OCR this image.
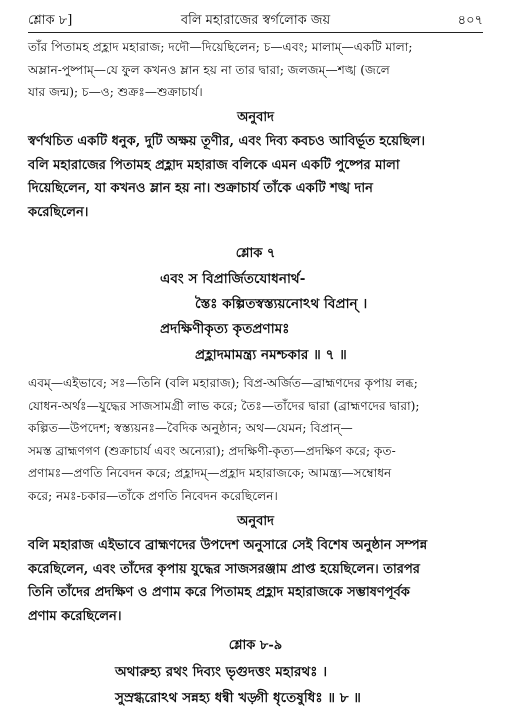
শ্লোক ৮]	বলি মহারাজের স্বর্গলোক জয়	৪০৭

তাঁর পিতামহ প্রহ্লাদ মহারাজ; দদৌ—দিয়েছিলেন; চ—এবং; মালাম্—একটি মালা;

অম্লান-পুষ্পাম্—যে ফুল কখনও ম্লান হয় না তার দ্বারা; জলজম্—শঙ্খ (জলে

যার জন্ম); চ—ও; শুক্রঃ—শুক্রাচার্য।

অনুবাদ

স্বর্ণখচিত একটি ধনুক, দুটি অক্ষয় তূণীর, এবং দিব্য কবচও আবির্ভূত হয়েছিল।

বলি মহারাজের পিতামহ প্রহ্লাদ মহারাজ বলিকে এমন একটি পুষ্পের মালা

দিয়েছিলেন, যা কখনও ম্লান হয় না। শুক্রাচার্য তাঁকে একটি শঙ্খ দান

করেছিলেন।

শ্লোক ৭
এবং স বিপ্রার্জিতযোধনার্থ-
স্তৈঃ কল্পিতস্বস্ত্যয়নোঽথ বিপ্রান্ ।
প্রদক্ষিণীকৃত্য কৃতপ্রণামঃ
প্রহ্লাদমামন্ত্র্য নমশ্চকার ॥ ৭ ॥

এবম্—এইভাবে; সঃ—তিনি (বলি মহারাজ); বিপ্র-অর্জিত—ব্রাহ্মণদের কৃপায় লব্ধ;

যোধন-অর্থঃ—যুদ্ধের সাজসামগ্রী লাভ করে; তৈঃ—তাঁদের দ্বারা (ব্রাহ্মণদের দ্বারা);

কল্পিত—উপদেশ; স্বস্ত্যয়নঃ—বৈদিক অনুষ্ঠান; অথ—যেমন; বিপ্রান্—

সমস্ত ব্রাহ্মণগণ (শুক্রাচার্য এবং অন্যেরা); প্রদক্ষিণী-কৃত্য—প্রদক্ষিণ করে; কৃত-

প্রণামঃ—প্রণতি নিবেদন করে; প্রহ্লাদম্—প্রহ্লাদ মহারাজকে; আমন্ত্র্য—সম্বোধন

করে; নমঃ-চকার—তাঁকে প্রণতি নিবেদন করেছিলেন।

অনুবাদ

বলি মহারাজ এইভাবে ব্রাহ্মণদের উপদেশ অনুসারে সেই বিশেষ অনুষ্ঠান সম্পন্ন

করেছিলেন, এবং তাঁদের কৃপায় যুদ্ধের সাজসরঞ্জাম প্রাপ্ত হয়েছিলেন। তারপর

তিনি তাঁদের প্রদক্ষিণ ও প্রণাম করে পিতামহ প্রহ্লাদ মহারাজকে সম্ভাষণপূর্বক

প্রণাম করেছিলেন।

শ্লোক ৮-৯
অথারুহ্য রথং দিব্যং ভৃগুদত্তং মহারথঃ ।
সুস্রগ্ধরোঽথ সন্নহ্য ধন্বী খড়্গী ধৃতেষুধিঃ ॥ ৮ ॥
